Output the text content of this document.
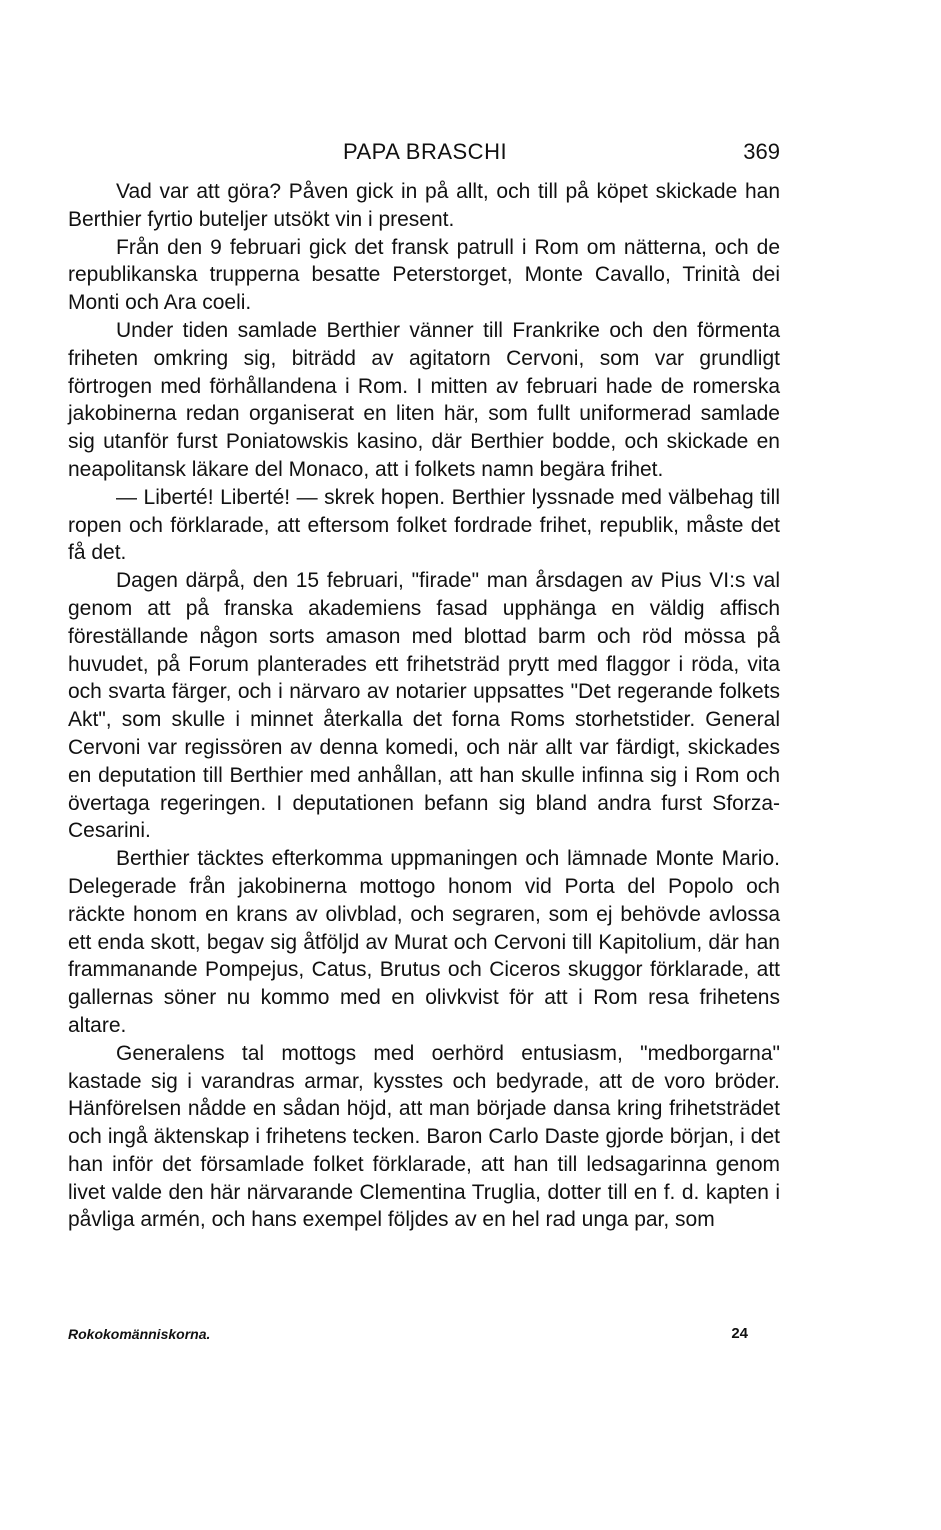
PAPA BRASCHI	369

Vad var att göra? Påven gick in på allt, och till på köpet skickade han Berthier fyrtio buteljer utsökt vin i present.

Från den 9 februari gick det fransk patrull i Rom om nätterna, och de republikanska trupperna besatte Peterstorget, Monte Cavallo, Trinità dei Monti och Ara coeli.

Under tiden samlade Berthier vänner till Frankrike och den förmenta friheten omkring sig, biträdd av agitatorn Cervoni, som var grundligt förtrogen med förhållandena i Rom. I mitten av februari hade de romerska jakobinerna redan organiserat en liten här, som fullt uniformerad samlade sig utanför furst Poniatowskis kasino, där Berthier bodde, och skickade en neapolitansk läkare del Monaco, att i folkets namn begära frihet.

— Liberté! Liberté! — skrek hopen. Berthier lyssnade med välbehag till ropen och förklarade, att eftersom folket fordrade frihet, republik, måste det få det.

Dagen därpå, den 15 februari, "firade" man årsdagen av Pius VI:s val genom att på franska akademiens fasad upphänga en väldig affisch föreställande någon sorts amason med blottad barm och röd mössa på huvudet, på Forum planterades ett frihetsträd prytt med flaggor i röda, vita och svarta färger, och i närvaro av notarier uppsattes "Det regerande folkets Akt", som skulle i minnet återkalla det forna Roms storhetstider. General Cervoni var regissören av denna komedi, och när allt var färdigt, skickades en deputation till Berthier med anhållan, att han skulle infinna sig i Rom och övertaga regeringen. I deputationen befann sig bland andra furst Sforza-Cesarini.

Berthier täcktes efterkomma uppmaningen och lämnade Monte Mario. Delegerade från jakobinerna mottogo honom vid Porta del Popolo och räckte honom en krans av olivblad, och segraren, som ej behövde avlossa ett enda skott, begav sig åtföljd av Murat och Cervoni till Kapitolium, där han frammanande Pompejus, Catus, Brutus och Ciceros skuggor förklarade, att gallernas söner nu kommo med en olivkvist för att i Rom resa frihetens altare.

Generalens tal mottogs med oerhörd entusiasm, "medborgarna" kastade sig i varandras armar, kysstes och bedyrade, att de voro bröder. Hänförelsen nådde en sådan höjd, att man började dansa kring frihetsträdet och ingå äktenskap i frihetens tecken. Baron Carlo Daste gjorde början, i det han inför det församlade folket förklarade, att han till ledsagarinna genom livet valde den här närvarande Clementina Truglia, dotter till en f. d. kapten i påvliga armén, och hans exempel följdes av en hel rad unga par, som

Rokokomänniskorna.	24
